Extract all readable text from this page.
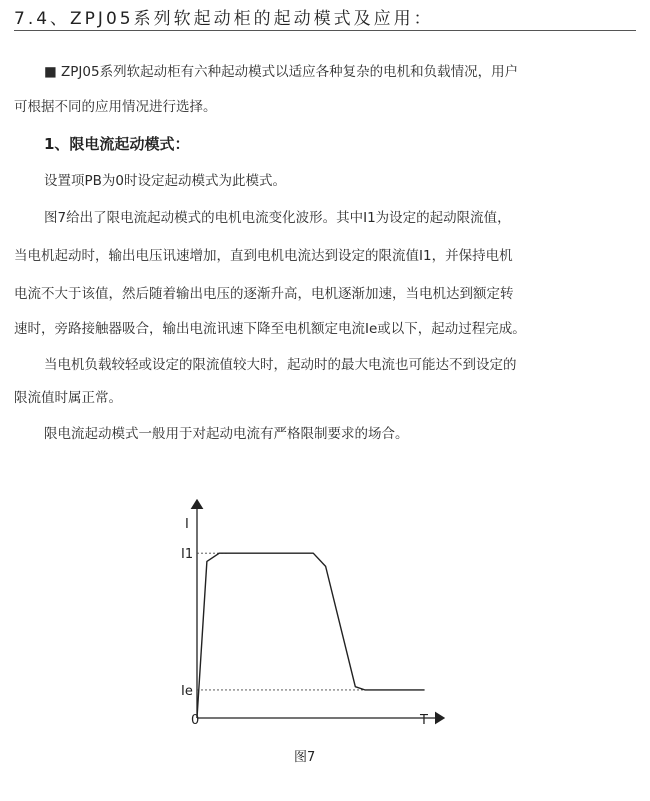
7.4、ZPJ05系列软起动柜的起动模式及应用：

■ ZPJ05系列软起动柜有六种起动模式以适应各种复杂的电机和负载情况，用户

可根据不同的应用情况进行选择。

1、限电流起动模式：

设置项PB为0时设定起动模式为此模式。

图7给出了限电流起动模式的电机电流变化波形。其中I1为设定的起动限流值，

当电机起动时，输出电压讯速增加，直到电机电流达到设定的限流值I1，并保持电机

电流不大于该值，然后随着输出电压的逐渐升高，电机逐渐加速，当电机达到额定转

速时，旁路接触器吸合，输出电流讯速下降至电机额定电流Ie或以下，起动过程完成。

当电机负载较轻或设定的限流值较大时，起动时的最大电流也可能达不到设定的

限流值时属正常。

限电流起动模式一般用于对起动电流有严格限制要求的场合。

I
T
0
I1
Ie
图7
